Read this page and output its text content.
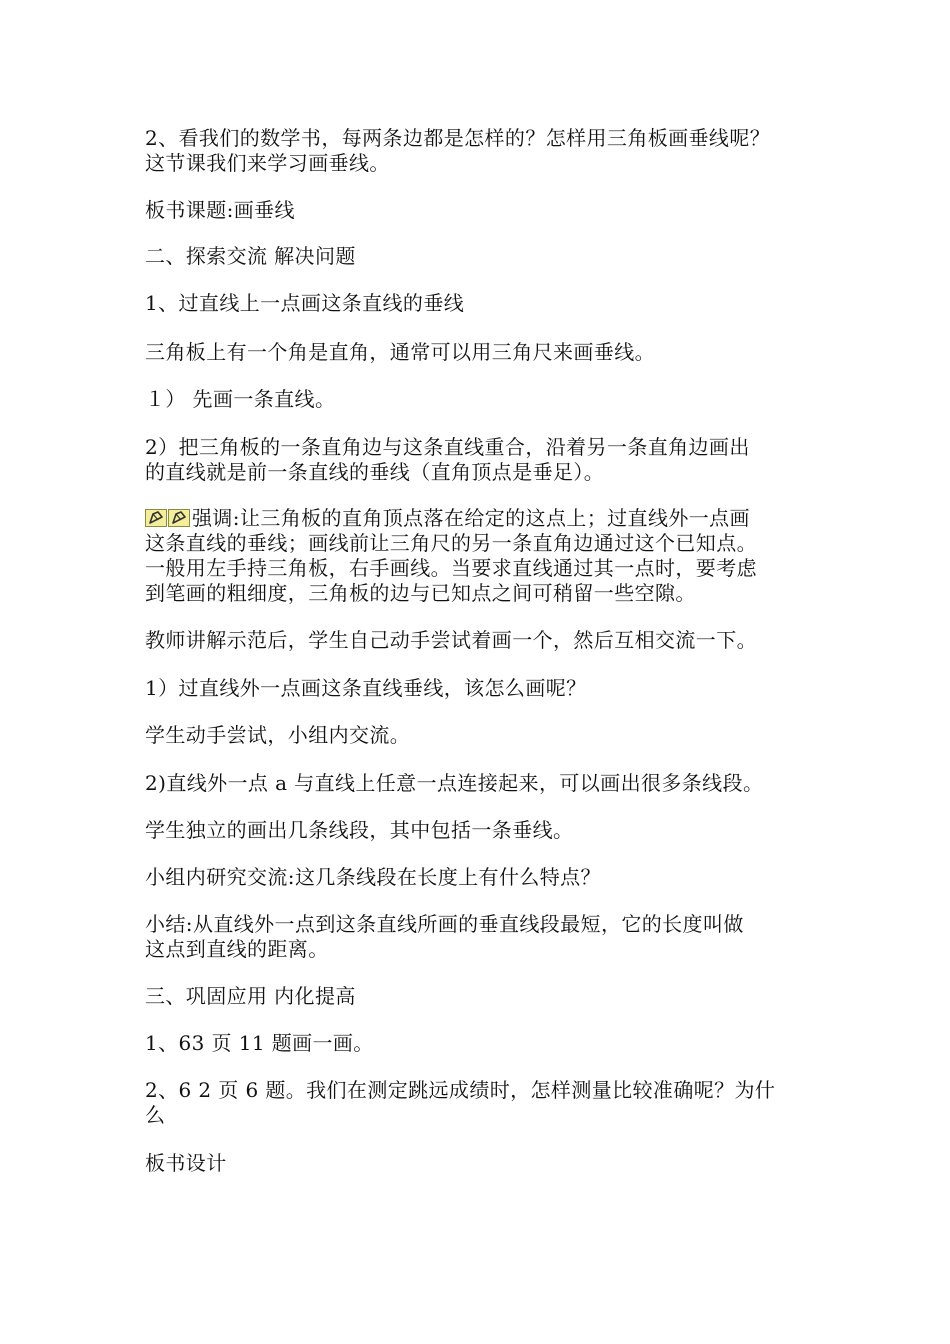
2、看我们的数学书，每两条边都是怎样的？怎样用三角板画垂线呢？
这节课我们来学习画垂线。

板书课题:画垂线

二、探索交流 解决问题

1、过直线上一点画这条直线的垂线

三角板上有一个角是直角，通常可以用三角尺来画垂线。

１） 先画一条直线。

2）把三角板的一条直角边与这条直线重合，沿着另一条直角边画出
的直线就是前一条直线的垂线（直角顶点是垂足）。

强调:让三角板的直角顶点落在给定的这点上；过直线外一点画
这条直线的垂线；画线前让三角尺的另一条直角边通过这个已知点。
一般用左手持三角板，右手画线。当要求直线通过其一点时，要考虑
到笔画的粗细度，三角板的边与已知点之间可稍留一些空隙。

教师讲解示范后，学生自己动手尝试着画一个，然后互相交流一下。

1）过直线外一点画这条直线垂线，该怎么画呢？

学生动手尝试，小组内交流。

2)直线外一点 a 与直线上任意一点连接起来，可以画出很多条线段。

学生独立的画出几条线段，其中包括一条垂线。

小组内研究交流:这几条线段在长度上有什么特点？

小结:从直线外一点到这条直线所画的垂直线段最短，它的长度叫做
这点到直线的距离。

三、巩固应用 内化提高

1、63 页 11 题画一画。

2、6 2 页 6 题。我们在测定跳远成绩时，怎样测量比较准确呢？为什
么

板书设计
